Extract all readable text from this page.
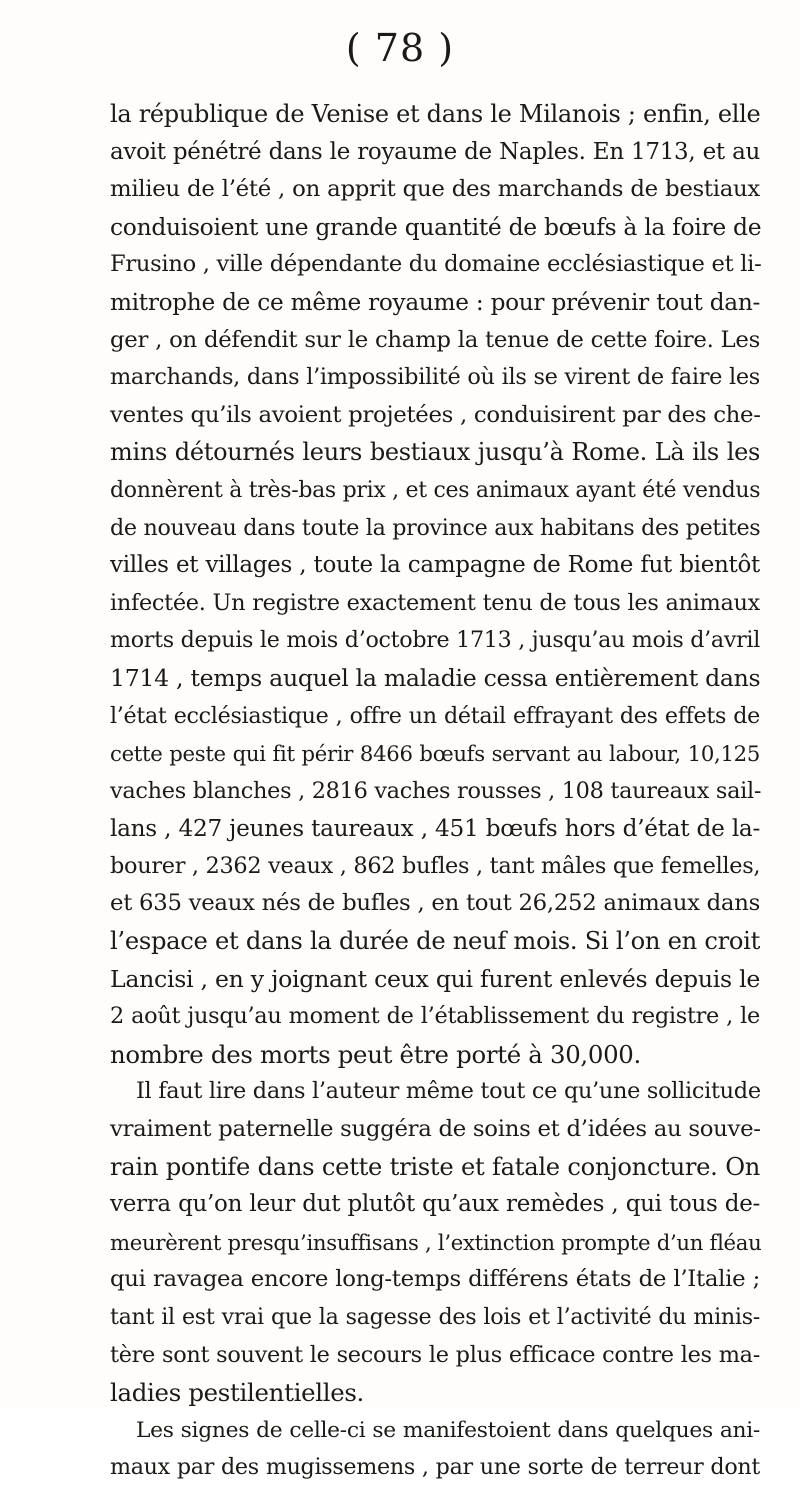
( 78 )
la république de Venise et dans le Milanois ; enfin, elle
avoit pénétré dans le royaume de Naples. En 1713, et au
milieu de l’été , on apprit que des marchands de bestiaux
conduisoient une grande quantité de bœufs à la foire de
Frusino , ville dépendante du domaine ecclésiastique et li-
mitrophe de ce même royaume : pour prévenir tout dan-
ger , on défendit sur le champ la tenue de cette foire. Les
marchands, dans l’impossibilité où ils se virent de faire les
ventes qu’ils avoient projetées , conduisirent par des che-
mins détournés leurs bestiaux jusqu’à Rome. Là ils les
donnèrent à très-bas prix , et ces animaux ayant été vendus
de nouveau dans toute la province aux habitans des petites
villes et villages , toute la campagne de Rome fut bientôt
infectée. Un registre exactement tenu de tous les animaux
morts depuis le mois d’octobre 1713 , jusqu’au mois d’avril
1714 , temps auquel la maladie cessa entièrement dans
l’état ecclésiastique , offre un détail effrayant des effets de
cette peste qui fit périr 8466 bœufs servant au labour, 10,125
vaches blanches , 2816 vaches rousses , 108 taureaux sail-
lans , 427 jeunes taureaux , 451 bœufs hors d’état de la-
bourer , 2362 veaux , 862 bufles , tant mâles que femelles,
et 635 veaux nés de bufles , en tout 26,252 animaux dans
l’espace et dans la durée de neuf mois. Si l’on en croit
Lancisi , en y joignant ceux qui furent enlevés depuis le
2 août jusqu’au moment de l’établissement du registre , le
nombre des morts peut être porté à 30,000.
Il faut lire dans l’auteur même tout ce qu’une sollicitude
vraiment paternelle suggéra de soins et d’idées au souve-
rain pontife dans cette triste et fatale conjoncture. On
verra qu’on leur dut plutôt qu’aux remèdes , qui tous de-
meurèrent presqu’insuffisans , l’extinction prompte d’un fléau
qui ravagea encore long-temps différens états de l’Italie ;
tant il est vrai que la sagesse des lois et l’activité du minis-
tère sont souvent le secours le plus efficace contre les ma-
ladies pestilentielles.
Les signes de celle-ci se manifestoient dans quelques ani-
maux par des mugissemens , par une sorte de terreur dont
